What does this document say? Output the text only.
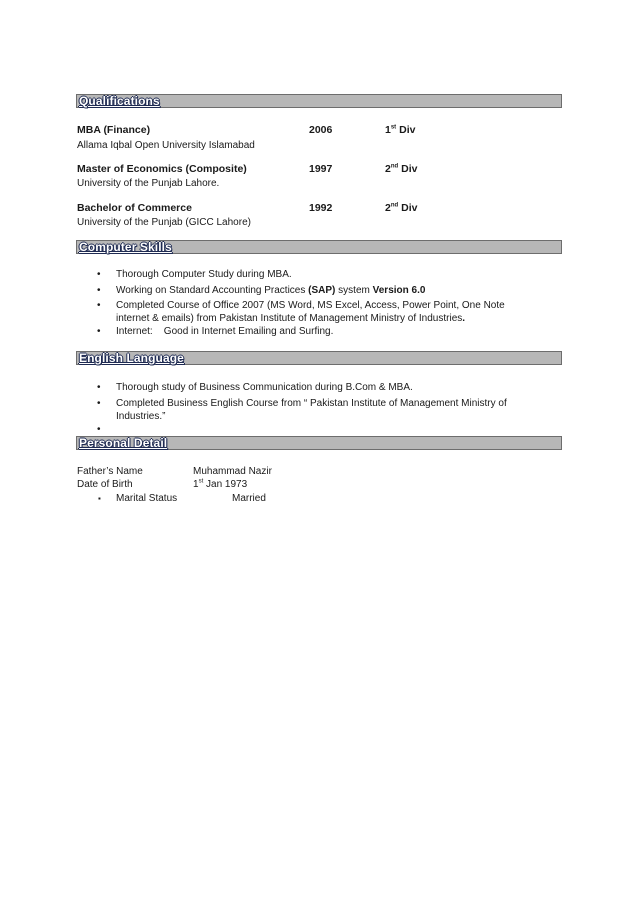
Qualifications
MBA (Finance)	2006	1st Div
Allama Iqbal Open University Islamabad
Master of Economics (Composite)	1997	2nd Div
University of the Punjab Lahore.
Bachelor of Commerce	1992	2nd Div
University of the Punjab (GICC Lahore)
Computer Skills
• Thorough Computer Study during MBA.
• Working on Standard Accounting Practices (SAP) system Version 6.0
• Completed Course of Office 2007 (MS Word, MS Excel, Access, Power Point, One Note
internet & emails) from Pakistan Institute of Management Ministry of Industries.
• Internet:    Good in Internet Emailing and Surfing.
English Language
• Thorough study of Business Communication during B.Com & MBA.
• Completed Business English Course from “ Pakistan Institute of Management Ministry of
Industries.”
•
Personal Detail
Father’s Name	Muhammad Nazir
Date of Birth	1st Jan 1973
▪ Marital Status	Married
